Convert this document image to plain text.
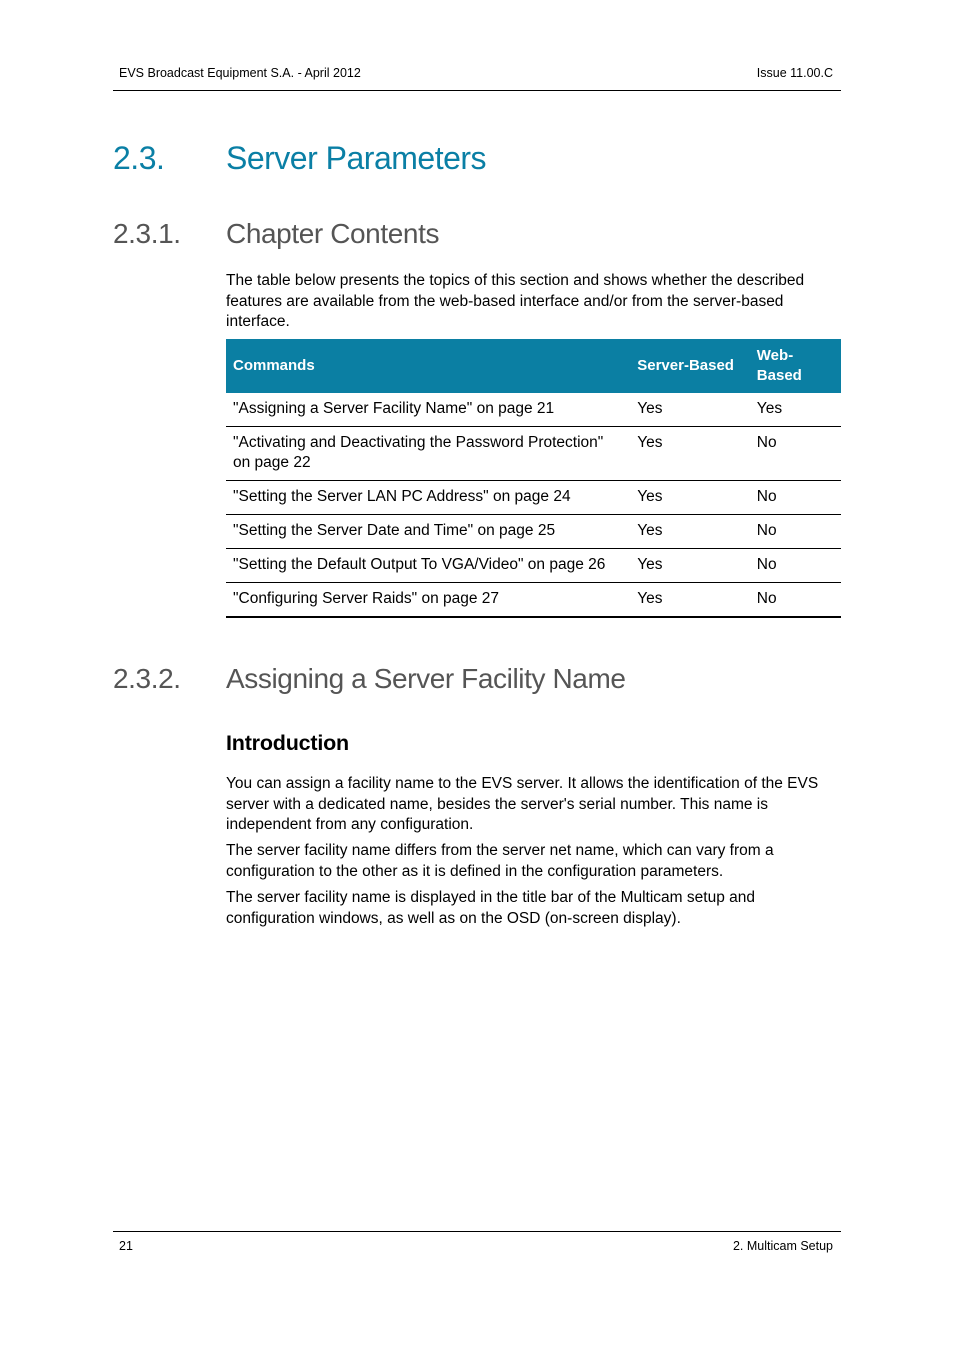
EVS Broadcast Equipment S.A. - April 2012	Issue 11.00.C
2.3. Server Parameters
2.3.1. Chapter Contents

The table below presents the topics of this section and shows whether the described features are available from the web-based interface and/or from the server-based interface.

Commands	Server-Based	Web-
Based
"Assigning a Server Facility Name" on page 21	Yes	Yes
"Activating and Deactivating the Password Protection" on page 22	Yes	No
"Setting the Server LAN PC Address" on page 24	Yes	No
"Setting the Server Date and Time" on page 25	Yes	No
"Setting the Default Output To VGA/Video" on page 26	Yes	No
"Configuring Server Raids" on page 27	Yes	No
2.3.2. Assigning a Server Facility Name
Introduction

You can assign a facility name to the EVS server. It allows the identification of the EVS server with a dedicated name, besides the server's serial number. This name is independent from any configuration.

The server facility name differs from the server net name, which can vary from a configuration to the other as it is defined in the configuration parameters.

The server facility name is displayed in the title bar of the Multicam setup and configuration windows, as well as on the OSD (on-screen display).

21	2. Multicam Setup
